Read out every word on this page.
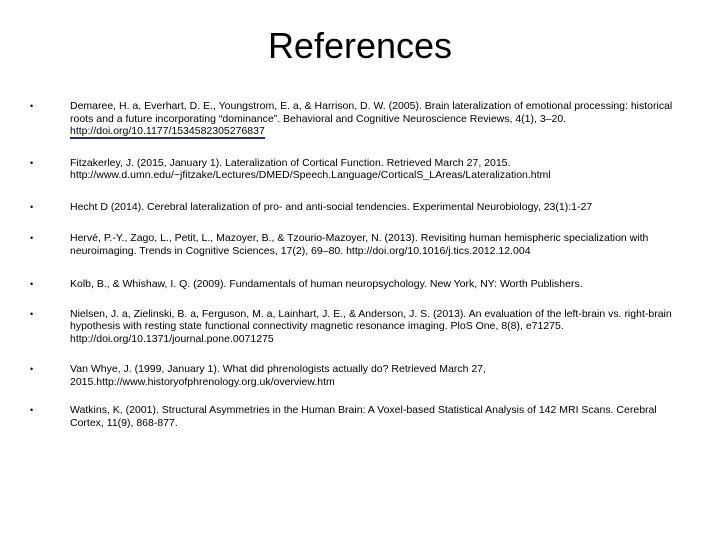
References
•	Demaree, H. a, Everhart, D. E., Youngstrom, E. a, & Harrison, D. W. (2005). Brain lateralization of emotional processing: historical roots and a future incorporating “dominance”. Behavioral and Cognitive Neuroscience Reviews, 4(1), 3–20. http://doi.org/10.1177/1534582305276837
•	Fitzakerley, J. (2015, January 1). Lateralization of Cortical Function. Retrieved March 27, 2015. http://www.d.umn.edu/~jfitzake/Lectures/DMED/Speech.Language/CorticalS_LAreas/Lateralization.html
•	Hecht D (2014). Cerebral lateralization of pro- and anti-social tendencies. Experimental Neurobiology, 23(1):1-27
•	Hervé, P.-Y., Zago, L., Petit, L., Mazoyer, B., & Tzourio-Mazoyer, N. (2013). Revisiting human hemispheric specialization with neuroimaging. Trends in Cognitive Sciences, 17(2), 69–80. http://doi.org/10.1016/j.tics.2012.12.004
•	Kolb, B., & Whishaw, I. Q. (2009). Fundamentals of human neuropsychology. New York, NY: Worth Publishers.
•	Nielsen, J. a, Zielinski, B. a, Ferguson, M. a, Lainhart, J. E., & Anderson, J. S. (2013). An evaluation of the left-brain vs. right-brain hypothesis with resting state functional connectivity magnetic resonance imaging. PloS One, 8(8), e71275. http://doi.org/10.1371/journal.pone.0071275
•	Van Whye, J. (1999, January 1). What did phrenologists actually do? Retrieved March 27, 2015.http://www.historyofphrenology.org.uk/overview.htm
•	Watkins, K. (2001). Structural Asymmetries in the Human Brain: A Voxel-based Statistical Analysis of 142 MRI Scans. Cerebral Cortex, 11(9), 868-877.
